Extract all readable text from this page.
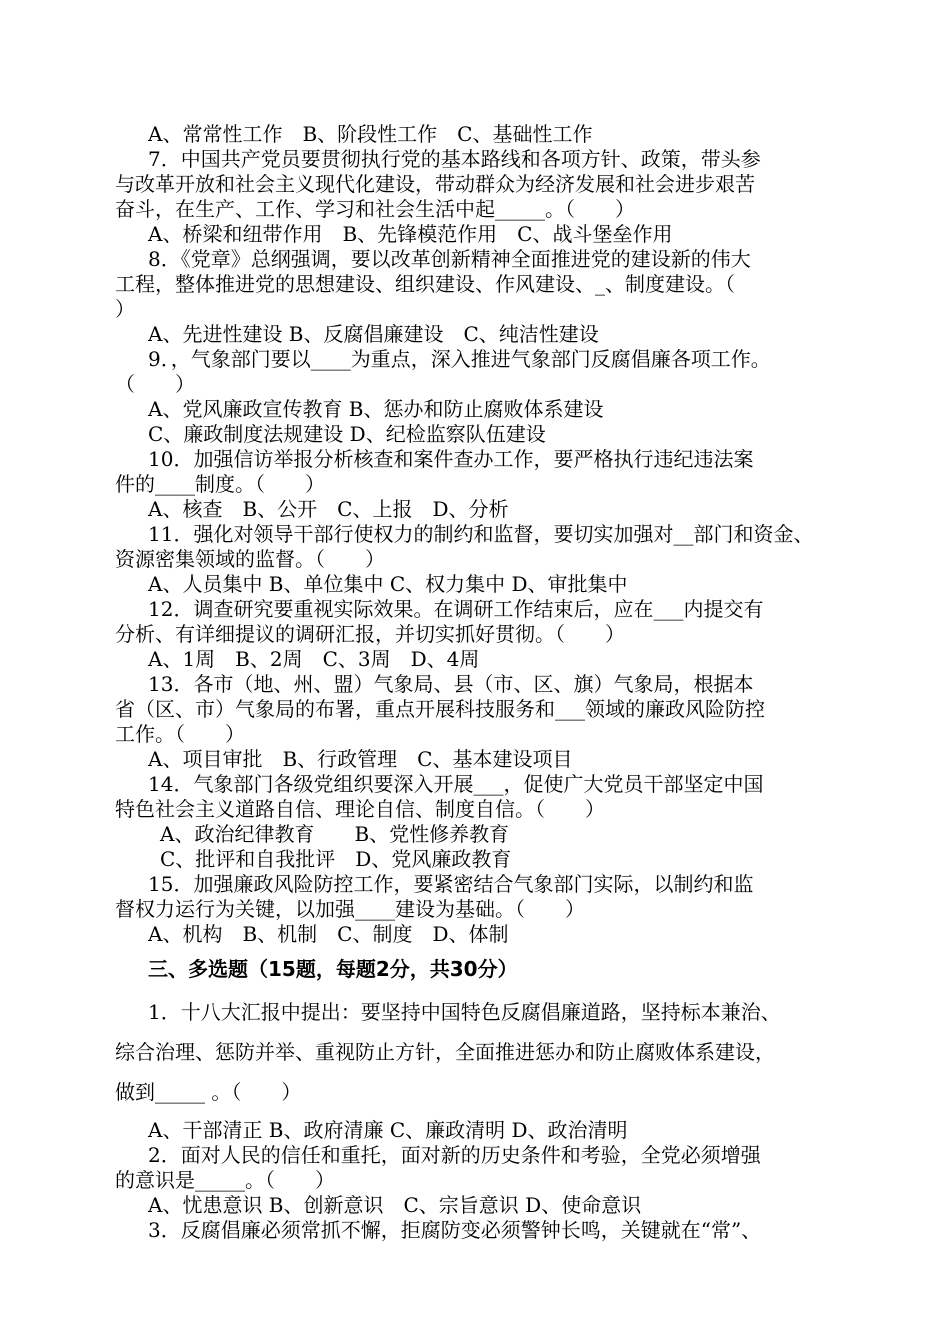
A、常常性工作　B、阶段性工作　C、基础性工作

7．中国共产党员要贯彻执行党的基本路线和各项方针、政策，带头参

与改革开放和社会主义现代化建设，带动群众为经济发展和社会进步艰苦

奋斗，在生产、工作、学习和社会生活中起_____。（　　）

A、桥梁和纽带作用　B、先锋模范作用　C、战斗堡垒作用

8．《党章》总纲强调，要以改革创新精神全面推进党的建设新的伟大

工程，整体推进党的思想建设、组织建设、作风建设、_、制度建设。（

）

A、先进性建设 B、反腐倡廉建设　C、纯洁性建设

9．，气象部门要以____为重点，深入推进气象部门反腐倡廉各项工作。

（　　）

A、党风廉政宣传教育 B、惩办和防止腐败体系建设

C、廉政制度法规建设 D、纪检监察队伍建设

10．加强信访举报分析核查和案件查办工作，要严格执行违纪违法案

件的____制度。（　　）

A、核查　B、公开　C、上报　D、分析

11．强化对领导干部行使权力的制约和监督，要切实加强对__部门和资金、

资源密集领域的监督。（　　）

A、人员集中 B、单位集中 C、权力集中 D、审批集中

12．调查研究要重视实际效果。在调研工作结束后，应在___内提交有

分析、有详细提议的调研汇报，并切实抓好贯彻。（　　）

A、1周　B、2周　C、3周　D、4周

13．各市（地、州、盟）气象局、县（市、区、旗）气象局，根据本

省（区、市）气象局的布署，重点开展科技服务和___领域的廉政风险防控

工作。（　　）

A、项目审批　B、行政管理　C、基本建设项目

14．气象部门各级党组织要深入开展___，促使广大党员干部坚定中国

特色社会主义道路自信、理论自信、制度自信。（　　）

A、政治纪律教育　　B、党性修养教育

C、批评和自我批评　D、党风廉政教育

15．加强廉政风险防控工作，要紧密结合气象部门实际，以制约和监

督权力运行为关键，以加强____建设为基础。（　　）

A、机构　B、机制　C、制度　D、体制

三、多选题（15题，每题2分，共30分）

1．十八大汇报中提出：要坚持中国特色反腐倡廉道路，坚持标本兼治、

综合治理、惩防并举、重视防止方针，全面推进惩办和防止腐败体系建设，

做到_____ 。（　　）

A、干部清正 B、政府清廉 C、廉政清明 D、政治清明

2．面对人民的信任和重托，面对新的历史条件和考验，全党必须增强

的意识是_____。（　　）

A、忧患意识 B、创新意识　C、宗旨意识 D、使命意识

3．反腐倡廉必须常抓不懈，拒腐防变必须警钟长鸣，关键就在“常”、
